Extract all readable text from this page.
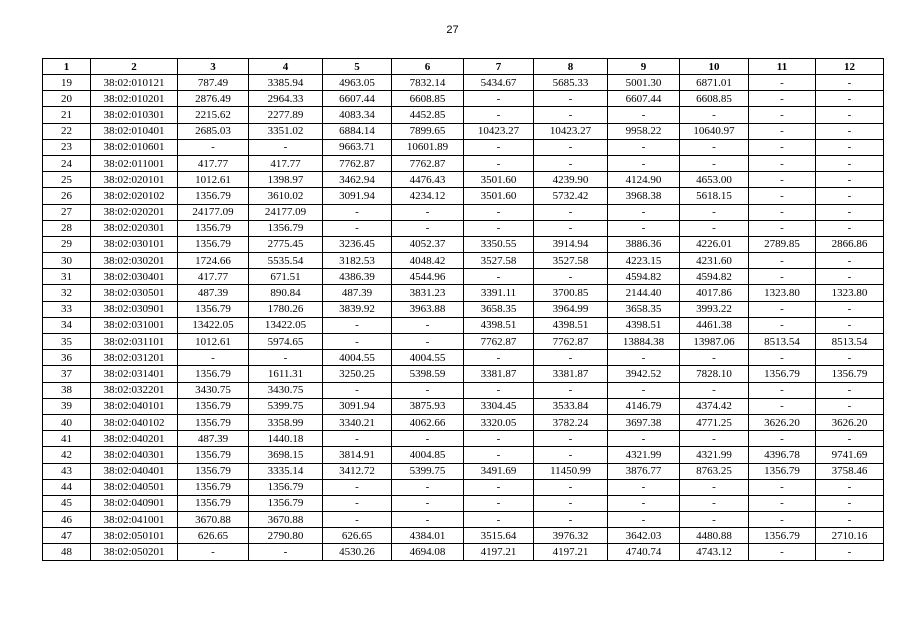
27
1	2	3	4	5	6	7	8	9	10	11	12
19	38:02:010121	787.49	3385.94	4963.05	7832.14	5434.67	5685.33	5001.30	6871.01	-	-
20	38:02:010201	2876.49	2964.33	6607.44	6608.85	-	-	6607.44	6608.85	-	-
21	38:02:010301	2215.62	2277.89	4083.34	4452.85	-	-	-	-	-	-
22	38:02:010401	2685.03	3351.02	6884.14	7899.65	10423.27	10423.27	9958.22	10640.97	-	-
23	38:02:010601	-	-	9663.71	10601.89	-	-	-	-	-	-
24	38:02:011001	417.77	417.77	7762.87	7762.87	-	-	-	-	-	-
25	38:02:020101	1012.61	1398.97	3462.94	4476.43	3501.60	4239.90	4124.90	4653.00	-	-
26	38:02:020102	1356.79	3610.02	3091.94	4234.12	3501.60	5732.42	3968.38	5618.15	-	-
27	38:02:020201	24177.09	24177.09	-	-	-	-	-	-	-	-
28	38:02:020301	1356.79	1356.79	-	-	-	-	-	-	-	-
29	38:02:030101	1356.79	2775.45	3236.45	4052.37	3350.55	3914.94	3886.36	4226.01	2789.85	2866.86
30	38:02:030201	1724.66	5535.54	3182.53	4048.42	3527.58	3527.58	4223.15	4231.60	-	-
31	38:02:030401	417.77	671.51	4386.39	4544.96	-	-	4594.82	4594.82	-	-
32	38:02:030501	487.39	890.84	487.39	3831.23	3391.11	3700.85	2144.40	4017.86	1323.80	1323.80
33	38:02:030901	1356.79	1780.26	3839.92	3963.88	3658.35	3964.99	3658.35	3993.22	-	-
34	38:02:031001	13422.05	13422.05	-	-	4398.51	4398.51	4398.51	4461.38	-	-
35	38:02:031101	1012.61	5974.65	-	-	7762.87	7762.87	13884.38	13987.06	8513.54	8513.54
36	38:02:031201	-	-	4004.55	4004.55	-	-	-	-	-	-
37	38:02:031401	1356.79	1611.31	3250.25	5398.59	3381.87	3381.87	3942.52	7828.10	1356.79	1356.79
38	38:02:032201	3430.75	3430.75	-	-	-	-	-	-	-	-
39	38:02:040101	1356.79	5399.75	3091.94	3875.93	3304.45	3533.84	4146.79	4374.42	-	-
40	38:02:040102	1356.79	3358.99	3340.21	4062.66	3320.05	3782.24	3697.38	4771.25	3626.20	3626.20
41	38:02:040201	487.39	1440.18	-	-	-	-	-	-	-	-
42	38:02:040301	1356.79	3698.15	3814.91	4004.85	-	-	4321.99	4321.99	4396.78	9741.69
43	38:02:040401	1356.79	3335.14	3412.72	5399.75	3491.69	11450.99	3876.77	8763.25	1356.79	3758.46
44	38:02:040501	1356.79	1356.79	-	-	-	-	-	-	-	-
45	38:02:040901	1356.79	1356.79	-	-	-	-	-	-	-	-
46	38:02:041001	3670.88	3670.88	-	-	-	-	-	-	-	-
47	38:02:050101	626.65	2790.80	626.65	4384.01	3515.64	3976.32	3642.03	4480.88	1356.79	2710.16
48	38:02:050201	-	-	4530.26	4694.08	4197.21	4197.21	4740.74	4743.12	-	-
